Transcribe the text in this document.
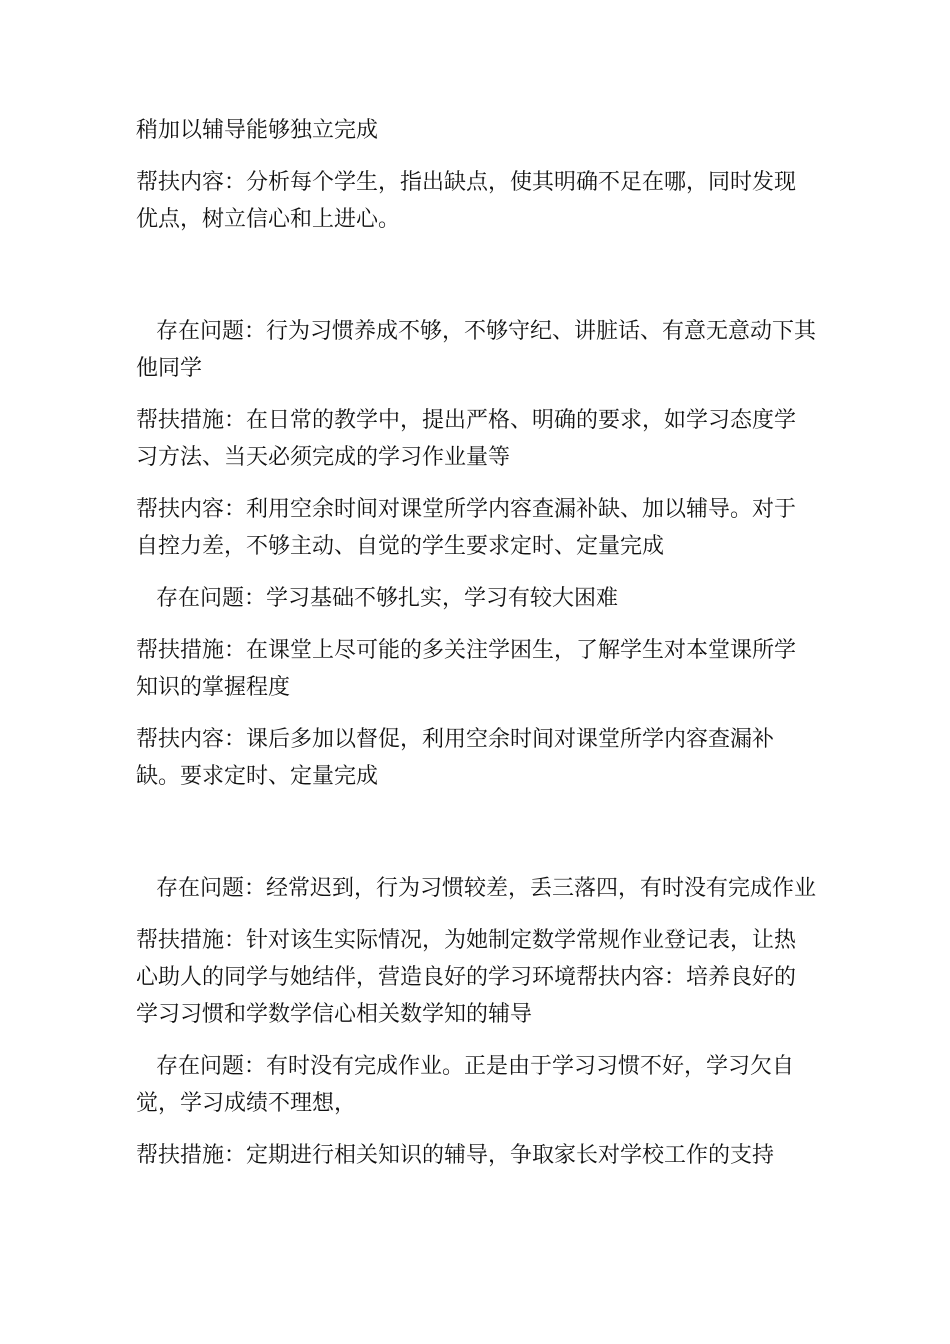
稍加以辅导能够独立完成

帮扶内容：分析每个学生，指出缺点，使其明确不足在哪，同时发现优点，树立信心和上进心。

存在问题：行为习惯养成不够，不够守纪、讲脏话、有意无意动下其他同学

帮扶措施：在日常的教学中，提出严格、明确的要求，如学习态度学习方法、当天必须完成的学习作业量等

帮扶内容：利用空余时间对课堂所学内容查漏补缺、加以辅导。对于自控力差，不够主动、自觉的学生要求定时、定量完成

存在问题：学习基础不够扎实，学习有较大困难

帮扶措施：在课堂上尽可能的多关注学困生，了解学生对本堂课所学知识的掌握程度

帮扶内容：课后多加以督促，利用空余时间对课堂所学内容查漏补缺。要求定时、定量完成

存在问题：经常迟到，行为习惯较差，丢三落四，有时没有完成作业

帮扶措施：针对该生实际情况，为她制定数学常规作业登记表，让热心助人的同学与她结伴，营造良好的学习环境帮扶内容：培养良好的学习习惯和学数学信心相关数学知的辅导

存在问题：有时没有完成作业。正是由于学习习惯不好，学习欠自觉，学习成绩不理想，

帮扶措施：定期进行相关知识的辅导，争取家长对学校工作的支持
